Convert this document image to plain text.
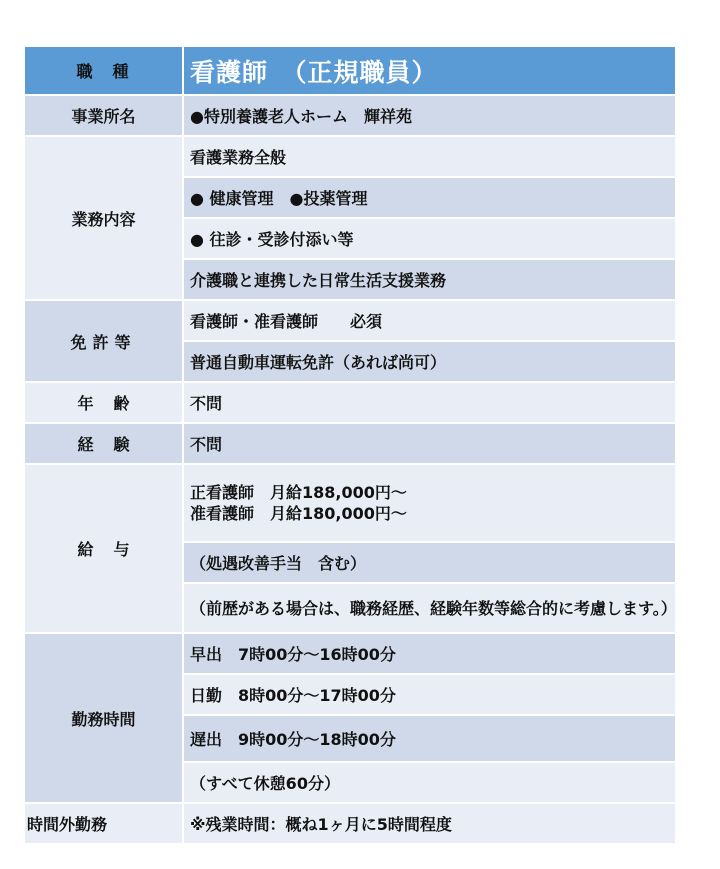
職　種	看護師　（正規職員）
事業所名	●特別養護老人ホーム　輝祥苑
業務内容	看護業務全般
	● 健康管理　●投薬管理
	● 往診・受診付添い等
	介護職と連携した日常生活支援業務
免許等	看護師・准看護師　　必須
	普通自動車運転免許（あれば尚可）
年齢	不問
経験	不問
給与	正看護師　月給188,000円～
准看護師　月給180,000円～

	（処遇改善手当　含む）
	（前歴がある場合は、職務経歴、経験年数等総合的に考慮します。）
勤務時間	早出　7時00分～16時00分
	日勤　8時00分～17時00分
	遅出　9時00分～18時00分
	（すべて休憩60分）
時間外勤務	※残業時間：概ね1ヶ月に5時間程度
